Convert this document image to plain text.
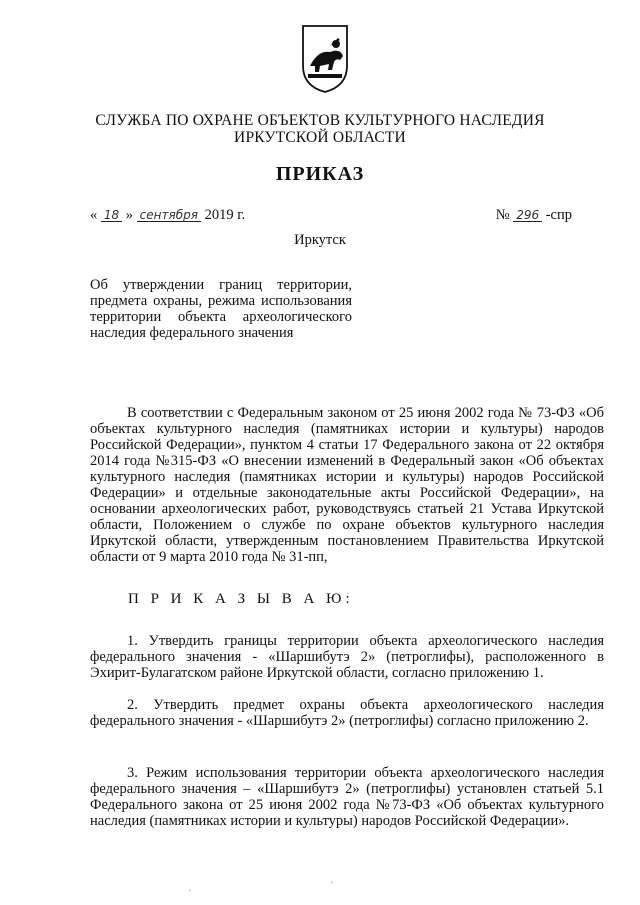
СЛУЖБА ПО ОХРАНЕ ОБЪЕКТОВ КУЛЬТУРНОГО НАСЛЕДИЯ
ИРКУТСКОЙ ОБЛАСТИ
ПРИКАЗ
« 18 » сентября 2019 г.	№ 296 -спр
Иркутск
Об утверждении границ территории, предмета охраны, режима использования территории объекта археологического наследия федерального значения

В соответствии с Федеральным законом от 25 июня 2002 года № 73-ФЗ «Об объектах культурного наследия (памятниках истории и культуры) народов Российской Федерации», пунктом 4 статьи 17 Федерального закона от 22 октября 2014 года №315-ФЗ «О внесении изменений в Федеральный закон «Об объектах культурного наследия (памятниках истории и культуры) народов Российской Федерации» и отдельные законодательные акты Российской Федерации», на основании археологических работ, руководствуясь статьей 21 Устава Иркутской области, Положением о службе по охране объектов культурного наследия Иркутской области, утвержденным постановлением Правительства Иркутской области от 9 марта 2010 года № 31-пп,

П Р И К А З Ы В А Ю:

1. Утвердить границы территории объекта археологического наследия федерального значения - «Шаршибутэ 2» (петроглифы), расположенного в Эхирит-Булагатском районе Иркутской области, согласно приложению 1.

2. Утвердить предмет охраны объекта археологического наследия федерального значения - «Шаршибутэ 2» (петроглифы) согласно приложению 2.

3. Режим использования территории объекта археологического наследия федерального значения – «Шаршибутэ 2» (петроглифы) установлен статьей 5.1 Федерального закона от 25 июня 2002 года №73-ФЗ «Об объектах культурного наследия (памятниках истории и культуры) народов Российской Федерации».

·
·
